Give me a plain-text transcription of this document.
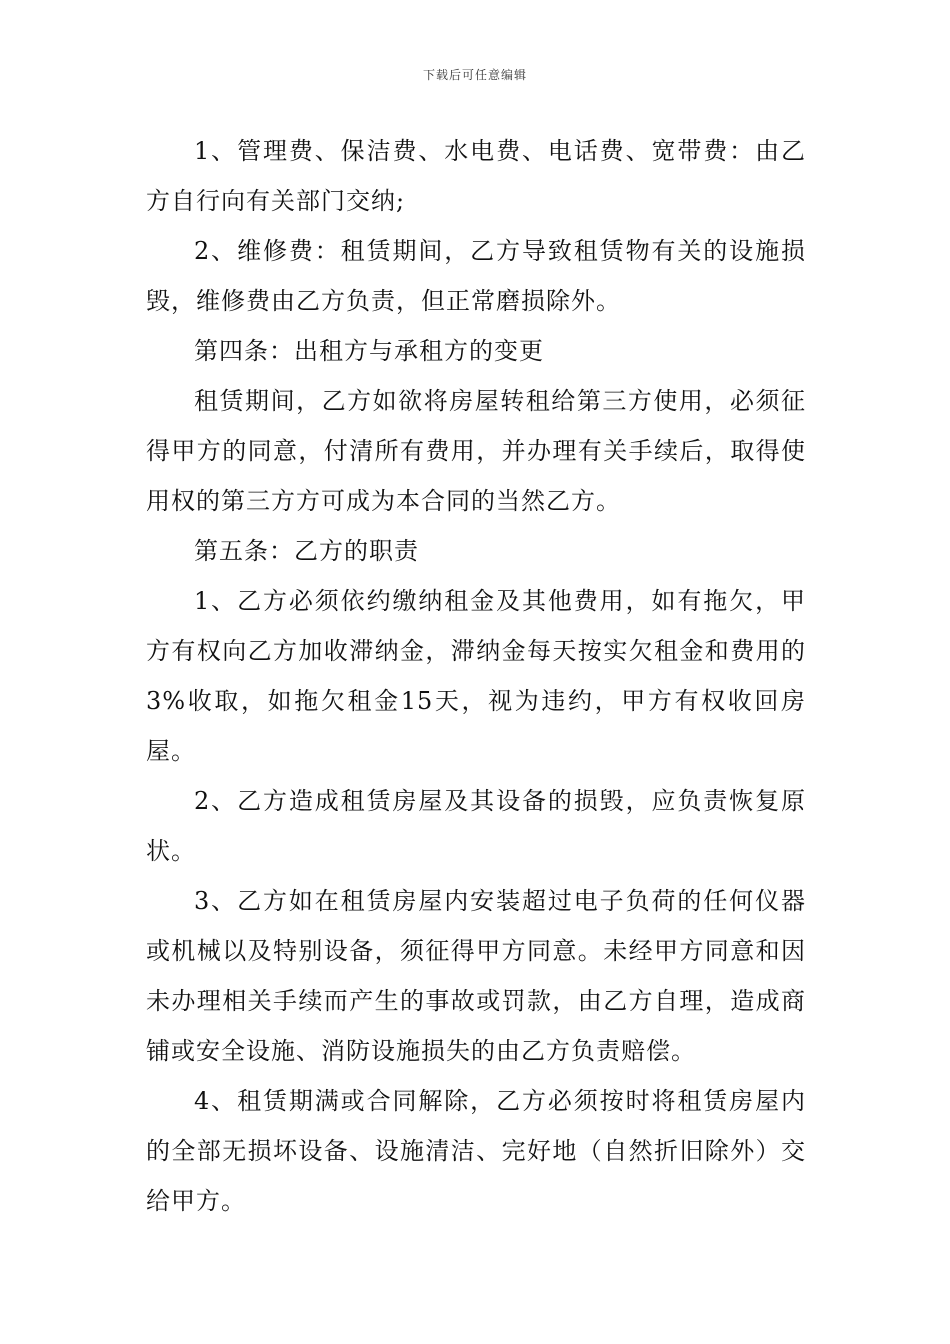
下载后可任意编辑

1、管理费、保洁费、水电费、电话费、宽带费：由乙方自行向有关部门交纳;

2、维修费：租赁期间，乙方导致租赁物有关的设施损毁，维修费由乙方负责，但正常磨损除外。

第四条：出租方与承租方的变更

租赁期间，乙方如欲将房屋转租给第三方使用，必须征得甲方的同意，付清所有费用，并办理有关手续后，取得使用权的第三方方可成为本合同的当然乙方。

第五条：乙方的职责

1、乙方必须依约缴纳租金及其他费用，如有拖欠，甲方有权向乙方加收滞纳金，滞纳金每天按实欠租金和费用的3%收取，如拖欠租金15天，视为违约，甲方有权收回房屋。

2、乙方造成租赁房屋及其设备的损毁，应负责恢复原状。

3、乙方如在租赁房屋内安装超过电子负荷的任何仪器或机械以及特别设备，须征得甲方同意。未经甲方同意和因未办理相关手续而产生的事故或罚款，由乙方自理，造成商铺或安全设施、消防设施损失的由乙方负责赔偿。

4、租赁期满或合同解除，乙方必须按时将租赁房屋内的全部无损坏设备、设施清洁、完好地（自然折旧除外）交给甲方。
